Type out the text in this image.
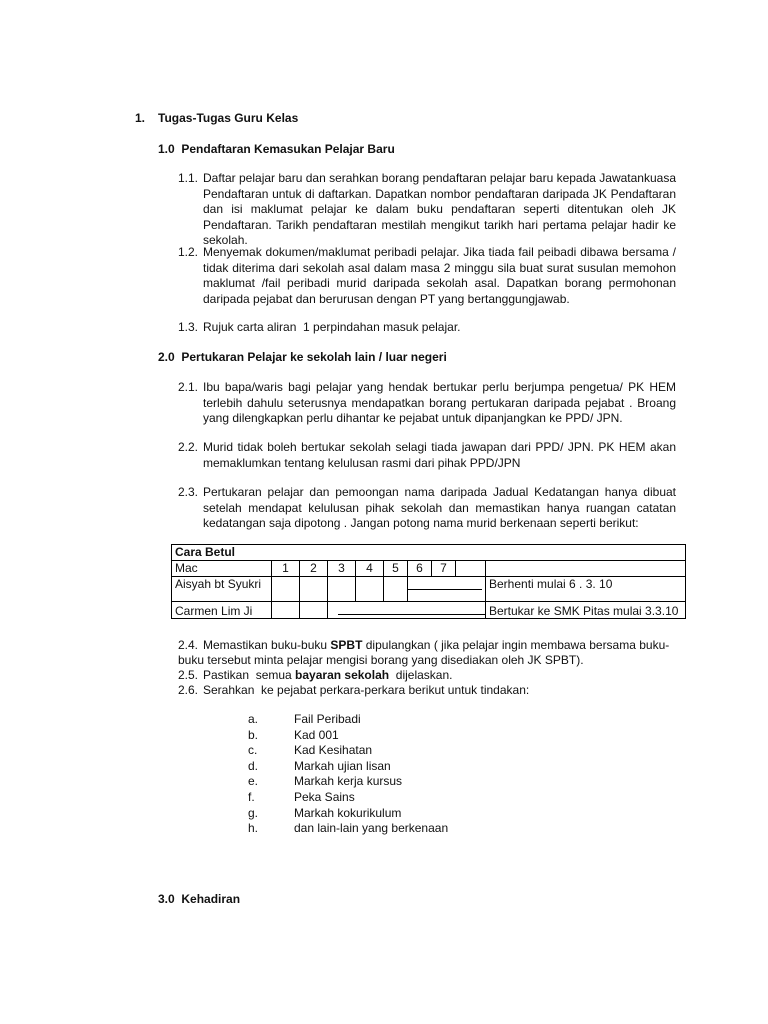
1. Tugas-Tugas Guru Kelas
1.0  Pendaftaran Kemasukan Pelajar Baru
1.1. Daftar pelajar baru dan serahkan borang pendaftaran pelajar baru kepada Jawatankuasa Pendaftaran untuk di daftarkan. Dapatkan nombor pendaftaran daripada JK Pendaftaran dan isi maklumat pelajar ke dalam buku pendaftaran seperti ditentukan oleh JK Pendaftaran. Tarikh pendaftaran mestilah mengikut tarikh hari pertama pelajar hadir ke sekolah.
1.2. Menyemak dokumen/maklumat peribadi pelajar. Jika tiada fail peibadi dibawa bersama / tidak diterima dari sekolah asal dalam masa 2 minggu sila buat surat susulan memohon maklumat /fail peribadi murid daripada sekolah asal. Dapatkan borang permohonan daripada pejabat dan berurusan dengan PT yang bertanggungjawab.
1.3. Rujuk carta aliran  1 perpindahan masuk pelajar.
2.0  Pertukaran Pelajar ke sekolah lain / luar negeri
2.1. Ibu bapa/waris bagi pelajar yang hendak bertukar perlu berjumpa pengetua/ PK HEM terlebih dahulu seterusnya mendapatkan borang pertukaran daripada pejabat . Broang yang dilengkapkan perlu dihantar ke pejabat untuk dipanjangkan ke PPD/ JPN.
2.2. Murid tidak boleh bertukar sekolah selagi tiada jawapan dari PPD/ JPN. PK HEM akan memaklumkan tentang kelulusan rasmi dari pihak PPD/JPN
2.3. Pertukaran pelajar dan pemoongan nama daripada Jadual Kedatangan hanya dibuat setelah mendapat kelulusan pihak sekolah dan memastikan hanya ruangan catatan kedatangan saja dipotong . Jangan potong nama murid berkenaan seperti berikut:
Cara Betul									
Mac	1	2	3	4	5	6	7		
Aisyah bt Syukri									Berhenti mulai 6 . 3. 10
Carmen Lim Ji									Bertukar ke SMK Pitas mulai 3.3.10
2.4. Memastikan buku-buku SPBT dipulangkan ( jika pelajar ingin membawa bersama buku-buku tersebut minta pelajar mengisi borang yang disediakan oleh JK SPBT).
2.5. Pastikan  semua bayaran sekolah  dijelaskan.
2.6. Serahkan  ke pejabat perkara-perkara berikut untuk tindakan:
a.	Fail Peribadi
b.	Kad 001
c.	Kad Kesihatan
d.	Markah ujian lisan
e.	Markah kerja kursus
f.	Peka Sains
g.	Markah kokurikulum
h.	dan lain-lain yang berkenaan
3.0  Kehadiran
